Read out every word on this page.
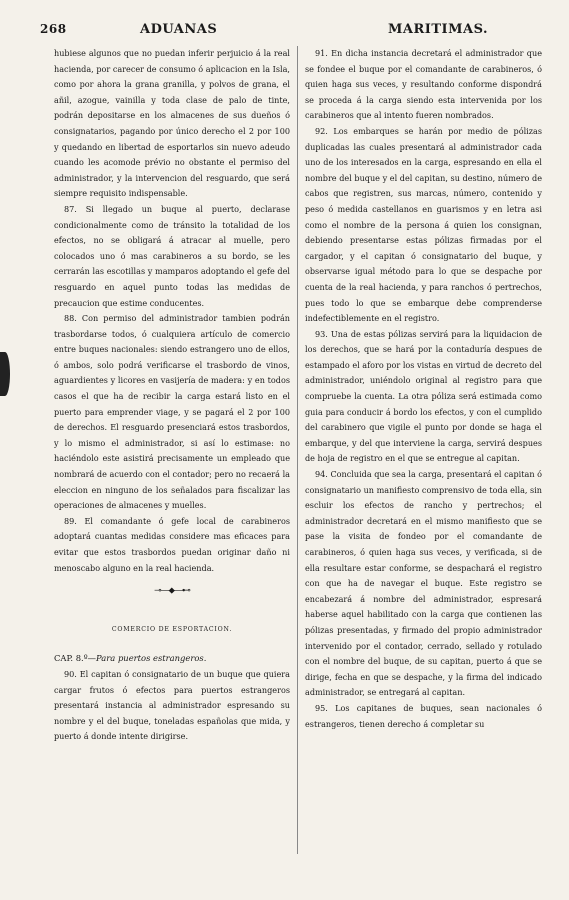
268	ADUANAS	MARITIMAS.

hubiese algunos que no puedan inferir perjuicio á la real hacienda, por carecer de consumo ó aplicacion en la Isla, como por ahora la grana granilla, y polvos de grana, el añil, azogue, vainilla y toda clase de palo de tinte, podrán depositarse en los almacenes de sus dueños ó consignatarios, pagando por único derecho el 2 por 100 y quedando en libertad de esportarlos sin nuevo adeudo cuando les acomode prévio no obstante el permiso del administrador, y la intervencion del resguardo, que será siempre requisito indispensable.

87. Si llegado un buque al puerto, declarase condicionalmente como de tránsito la totalidad de los efectos, no se obligará á atracar al muelle, pero colocados uno ó mas carabineros a su bordo, se les cerrarán las escotillas y mamparos adoptando el gefe del resguardo en aquel punto todas las medidas de precaucion que estime conducentes.

88. Con permiso del administrador tambien podrán trasbordarse todos, ó cualquiera artículo de comercio entre buques nacionales: siendo estrangero uno de ellos, ó ambos, solo podrá verificarse el trasbordo de vinos, aguardientes y licores en vasijería de madera: y en todos casos el que ha de recibir la carga estará listo en el puerto para emprender viage, y se pagará el 2 por 100 de derechos. El resguardo presenciará estos trasbordos, y lo mismo el administrador, si así lo estimase: no haciéndolo este asistirá precisamente un empleado que nombrará de acuerdo con el contador; pero no recaerá la eleccion en ninguno de los señalados para fiscalizar las operaciones de almacenes y muelles.

89. El comandante ó gefe local de carabineros adoptará cuantas medidas considere mas eficaces para evitar que estos trasbordos puedan originar daño ni menoscabo alguno en la real hacienda.

⊸—⬥—⊷
COMERCIO DE ESPORTACION.

CAP. 8.º—Para puertos estrangeros.

90. El capitan ó consignatario de un buque que quiera cargar frutos ó efectos para puertos estrangeros presentará instancia al administrador espresando su nombre y el del buque, toneladas españolas que mida, y puerto á donde intente dirigirse.

91. En dicha instancia decretará el administrador que se fondee el buque por el comandante de carabineros, ó quien haga sus veces, y resultando conforme dispondrá se proceda á la carga siendo esta intervenida por los carabineros que al intento fueren nombrados.

92. Los embarques se harán por medio de pólizas duplicadas las cuales presentará al administrador cada uno de los interesados en la carga, espresando en ella el nombre del buque y el del capitan, su destino, número de cabos que registren, sus marcas, número, contenido y peso ó medida castellanos en guarismos y en letra asi como el nombre de la persona á quien los consignan, debiendo presentarse estas pólizas firmadas por el cargador, y el capitan ó consignatario del buque, y observarse igual método para lo que se despache por cuenta de la real hacienda, y para ranchos ó pertrechos, pues todo lo que se embarque debe comprenderse indefectiblemente en el registro.

93. Una de estas pólizas servirá para la liquidacion de los derechos, que se hará por la contaduría despues de estampado el aforo por los vistas en virtud de decreto del administrador, uniéndolo original al registro para que compruebe la cuenta. La otra póliza será estimada como guia para conducir á bordo los efectos, y con el cumplido del carabinero que vigile el punto por donde se haga el embarque, y del que interviene la carga, servirá despues de hoja de registro en el que se entregue al capitan.

94. Concluida que sea la carga, presentará el capitan ó consignatario un manifiesto comprensivo de toda ella, sin escluir los efectos de rancho y pertrechos; el administrador decretará en el mismo manifiesto que se pase la visita de fondeo por el comandante de carabineros, ó quien haga sus veces, y verificada, si de ella resultare estar conforme, se despachará el registro con que ha de navegar el buque. Este registro se encabezará á nombre del administrador, espresará haberse aquel habilitado con la carga que contienen las pólizas presentadas, y firmado del propio administrador intervenido por el contador, cerrado, sellado y rotulado con el nombre del buque, de su capitan, puerto á que se dirige, fecha en que se despache, y la firma del indicado administrador, se entregará al capitan.

95. Los capitanes de buques, sean nacionales ó estrangeros, tienen derecho á completar su
